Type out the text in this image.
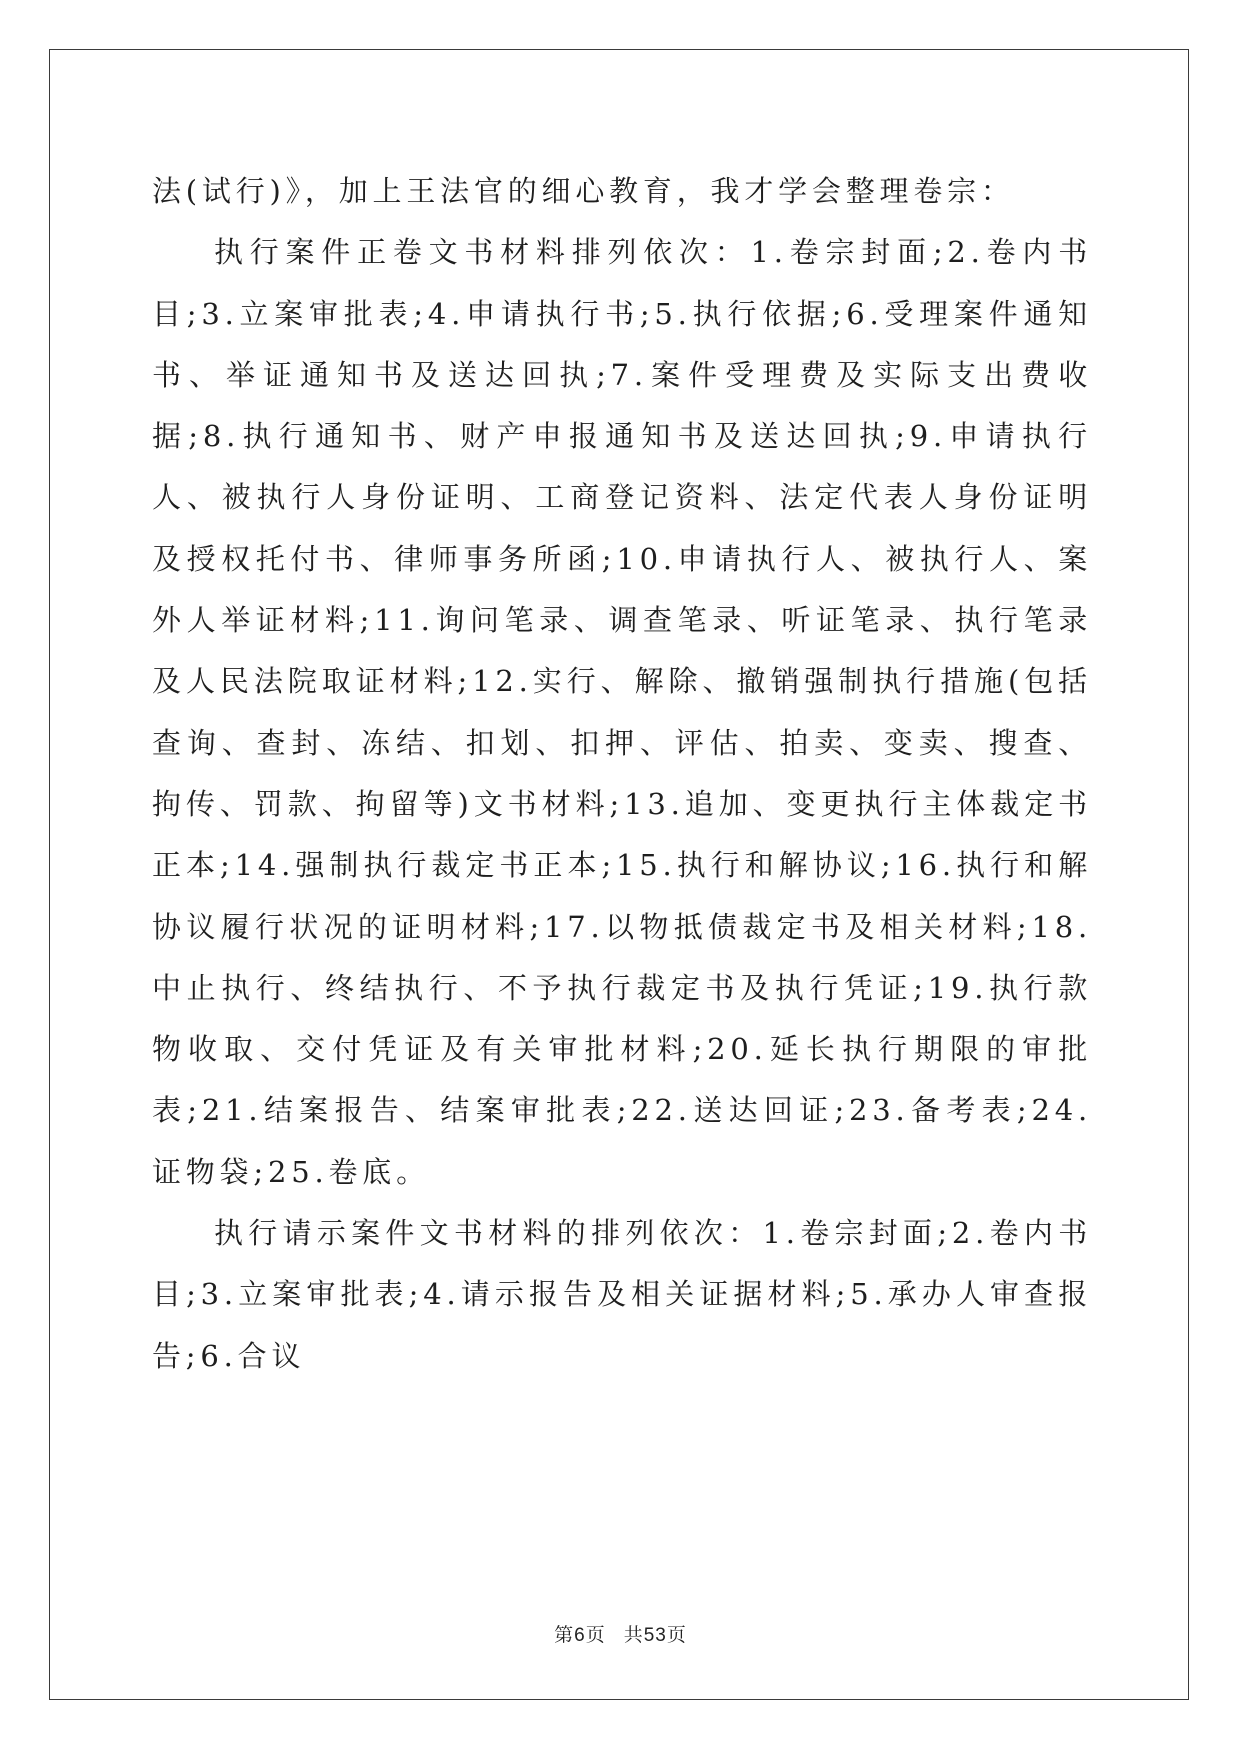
法(试行)》，加上王法官的细心教育，我才学会整理卷宗：

执行案件正卷文书材料排列依次：1.卷宗封面;2.卷内书目;3.立案审批表;4.申请执行书;5.执行依据;6.受理案件通知书、举证通知书及送达回执;7.案件受理费及实际支出费收据;8.执行通知书、财产申报通知书及送达回执;9.申请执行人、被执行人身份证明、工商登记资料、法定代表人身份证明及授权托付书、律师事务所函;10.申请执行人、被执行人、案外人举证材料;11.询问笔录、调查笔录、听证笔录、执行笔录及人民法院取证材料;12.实行、解除、撤销强制执行措施(包括查询、查封、冻结、扣划、扣押、评估、拍卖、变卖、搜查、拘传、罚款、拘留等)文书材料;13.追加、变更执行主体裁定书正本;14.强制执行裁定书正本;15.执行和解协议;16.执行和解协议履行状况的证明材料;17.以物抵债裁定书及相关材料;18.中止执行、终结执行、不予执行裁定书及执行凭证;19.执行款物收取、交付凭证及有关审批材料;20.延长执行期限的审批表;21.结案报告、结案审批表;22.送达回证;23.备考表;24.证物袋;25.卷底。

执行请示案件文书材料的排列依次：1.卷宗封面;2.卷内书目;3.立案审批表;4.请示报告及相关证据材料;5.承办人审查报告;6.合议

第6页 共53页
